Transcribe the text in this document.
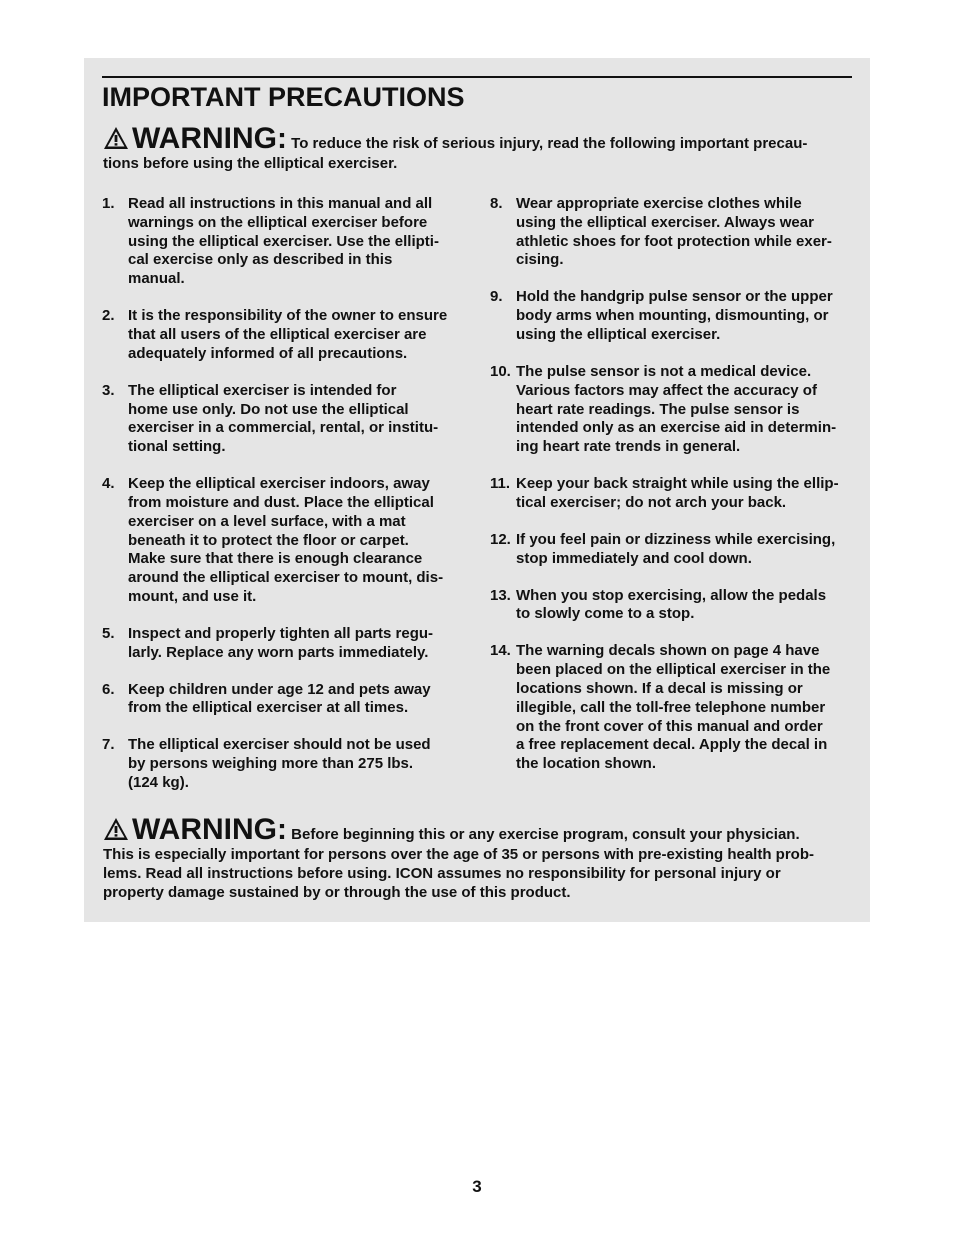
IMPORTANT PRECAUTIONS
WARNING: To reduce the risk of serious injury, read the following important precau-
tions before using the elliptical exerciser.
1. Read all instructions in this manual and all
warnings on the elliptical exerciser before
using the elliptical exerciser. Use the ellipti-
cal exercise only as described in this
manual.
2. It is the responsibility of the owner to ensure
that all users of the elliptical exerciser are
adequately informed of all precautions.
3. The elliptical exerciser is intended for
home use only. Do not use the elliptical
exerciser in a commercial, rental, or institu-
tional setting.
4. Keep the elliptical exerciser indoors, away
from moisture and dust. Place the elliptical
exerciser on a level surface, with a mat
beneath it to protect the floor or carpet.
Make sure that there is enough clearance
around the elliptical exerciser to mount, dis-
mount, and use it.
5. Inspect and properly tighten all parts regu-
larly. Replace any worn parts immediately.
6. Keep children under age 12 and pets away
from the elliptical exerciser at all times.
7. The elliptical exerciser should not be used
by persons weighing more than 275 lbs.
(124 kg).
8. Wear appropriate exercise clothes while
using the elliptical exerciser. Always wear
athletic shoes for foot protection while exer-
cising.
9. Hold the handgrip pulse sensor or the upper
body arms when mounting, dismounting, or
using the elliptical exerciser.
10. The pulse sensor is not a medical device.
Various factors may affect the accuracy of
heart rate readings. The pulse sensor is
intended only as an exercise aid in determin-
ing heart rate trends in general.
11. Keep your back straight while using the ellip-
tical exerciser; do not arch your back.
12. If you feel pain or dizziness while exercising,
stop immediately and cool down.
13. When you stop exercising, allow the pedals
to slowly come to a stop.
14. The warning decals shown on page 4 have
been placed on the elliptical exerciser in the
locations shown. If a decal is missing or
illegible, call the toll-free telephone number
on the front cover of this manual and order
a free replacement decal. Apply the decal in
the location shown.
WARNING: Before beginning this or any exercise program, consult your physician.
This is especially important for persons over the age of 35 or persons with pre-existing health prob-
lems. Read all instructions before using. ICON assumes no responsibility for personal injury or
property damage sustained by or through the use of this product.
3
